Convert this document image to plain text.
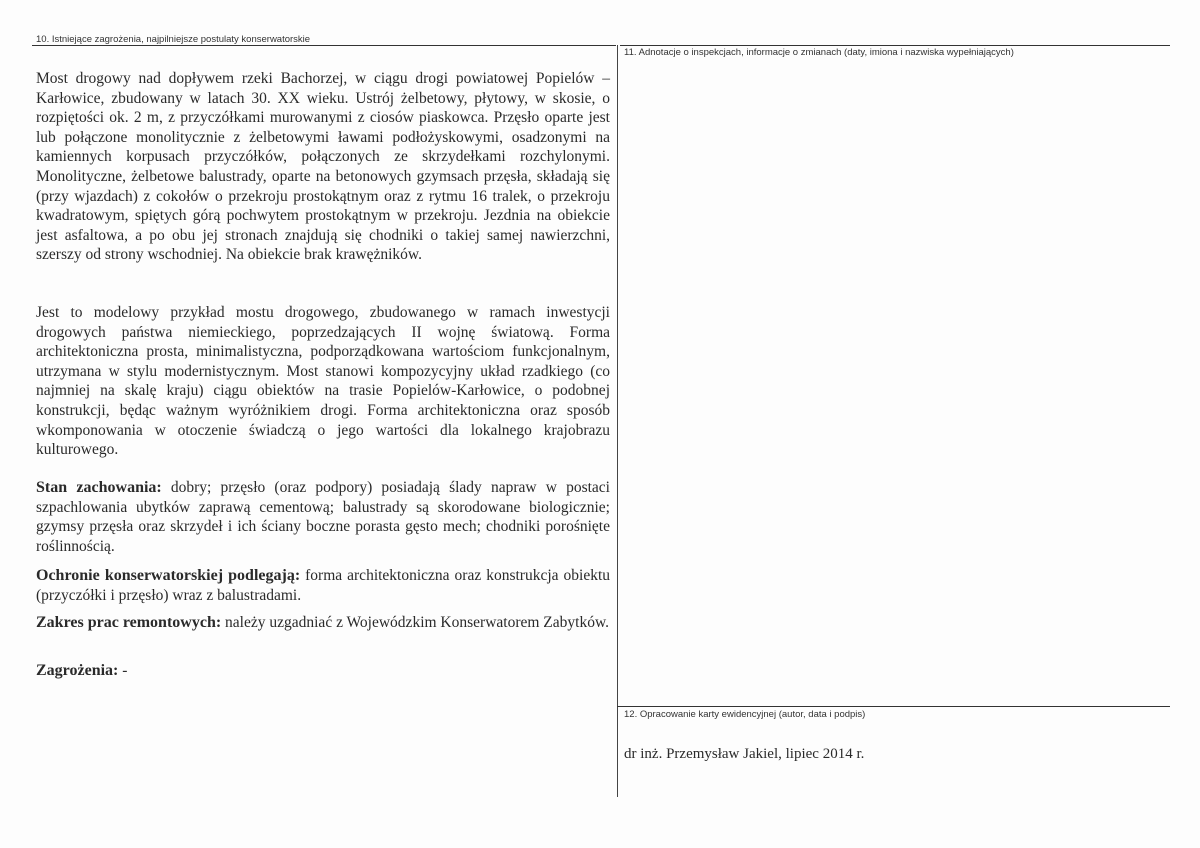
10. Istniejące zagrożenia, najpilniejsze postulaty konserwatorskie
11. Adnotacje o inspekcjach, informacje o zmianach (daty, imiona i nazwiska wypełniających)
12. Opracowanie karty ewidencyjnej (autor, data i podpis)
Most drogowy nad dopływem rzeki Bachorzej, w ciągu drogi powiatowej Popielów – Karłowice, zbudowany w latach 30. XX wieku. Ustrój żelbetowy, płytowy, w skosie, o rozpiętości ok. 2 m, z przyczółkami murowanymi z ciosów piaskowca. Przęsło oparte jest lub połączone monolitycznie z żelbetowymi ławami podłożyskowymi, osadzonymi na kamiennych korpusach przyczółków, połączonych ze skrzydełkami rozchylonymi. Monolityczne, żelbetowe balustrady, oparte na betonowych gzymsach przęsła, składają się (przy wjazdach) z cokołów o przekroju prostokątnym oraz z rytmu 16 tralek, o przekroju kwadratowym, spiętych górą pochwytem prostokątnym w przekroju. Jezdnia na obiekcie jest asfaltowa, a po obu jej stronach znajdują się chodniki o takiej samej nawierzchni, szerszy od strony wschodniej. Na obiekcie brak krawężników.
Jest to modelowy przykład mostu drogowego, zbudowanego w ramach inwestycji drogowych państwa niemieckiego, poprzedzających II wojnę światową. Forma architektoniczna prosta, minimalistyczna, podporządkowana wartościom funkcjonalnym, utrzymana w stylu modernistycznym. Most stanowi kompozycyjny układ rzadkiego (co najmniej na skalę kraju) ciągu obiektów na trasie Popielów-Karłowice, o podobnej konstrukcji, będąc ważnym wyróżnikiem drogi. Forma architektoniczna oraz sposób wkomponowania w otoczenie świadczą o jego wartości dla lokalnego krajobrazu kulturowego.
Stan zachowania: dobry; przęsło (oraz podpory) posiadają ślady napraw w postaci szpachlowania ubytków zaprawą cementową; balustrady są skorodowane biologicznie; gzymsy przęsła oraz skrzydeł i ich ściany boczne porasta gęsto mech; chodniki porośnięte roślinnością.
Ochronie konserwatorskiej podlegają: forma architektoniczna oraz konstrukcja obiektu (przyczółki i przęsło) wraz z balustradami.
Zakres prac remontowych: należy uzgadniać z Wojewódzkim Konserwatorem Zabytków.
Zagrożenia: -
dr inż. Przemysław Jakiel, lipiec 2014 r.
